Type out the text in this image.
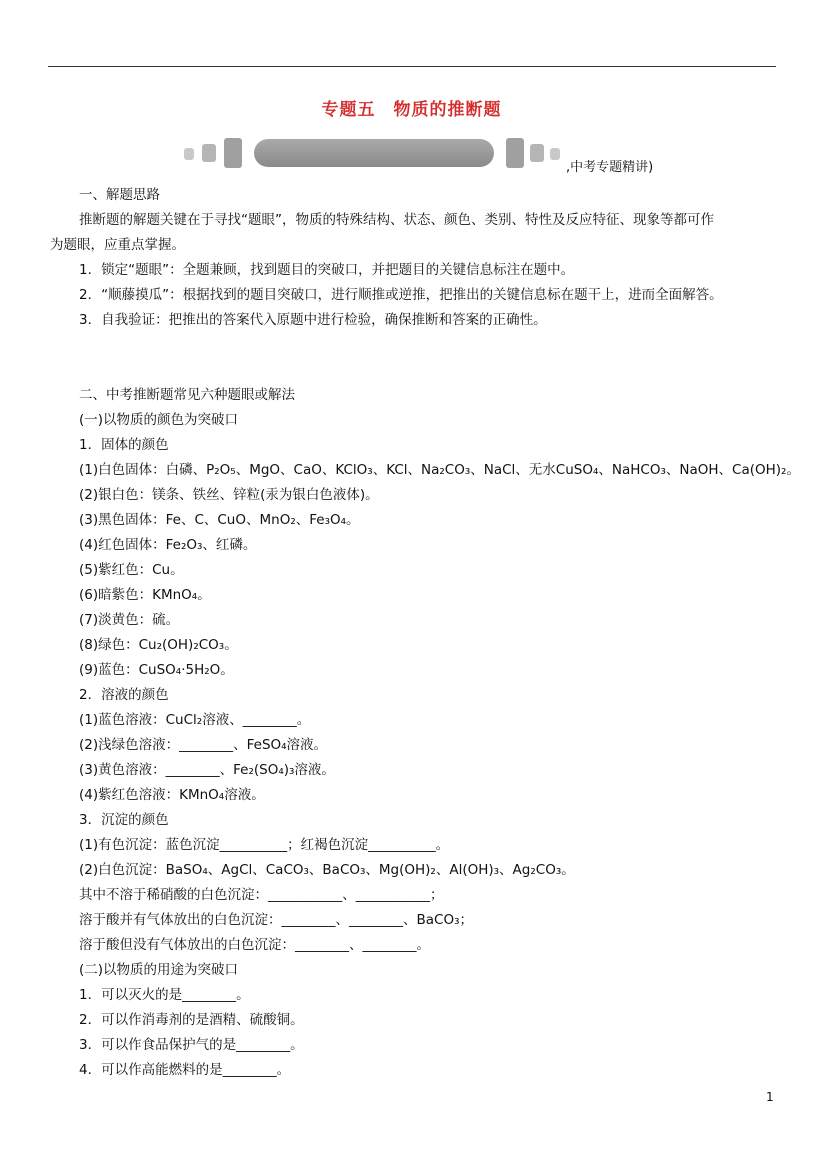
专题五　物质的推断题
,中考专题精讲)
一、解题思路
推断题的解题关键在于寻找“题眼”，物质的特殊结构、状态、颜色、类别、特性及反应特征、现象等都可作
为题眼，应重点掌握。
1．锁定“题眼”：全题兼顾，找到题目的突破口，并把题目的关键信息标注在题中。
2．“顺藤摸瓜”：根据找到的题目突破口，进行顺推或逆推，把推出的关键信息标在题干上，进而全面解答。
3．自我验证：把推出的答案代入原题中进行检验，确保推断和答案的正确性。
二、中考推断题常见六种题眼或解法
(一)以物质的颜色为突破口
1．固体的颜色
(1)白色固体：白磷、P₂O₅、MgO、CaO、KClO₃、KCl、Na₂CO₃、NaCl、无水CuSO₄、NaHCO₃、NaOH、Ca(OH)₂。
(2)银白色：镁条、铁丝、锌粒(汞为银白色液体)。
(3)黑色固体：Fe、C、CuO、MnO₂、Fe₃O₄。
(4)红色固体：Fe₂O₃、红磷。
(5)紫红色：Cu。
(6)暗紫色：KMnO₄。
(7)淡黄色：硫。
(8)绿色：Cu₂(OH)₂CO₃。
(9)蓝色：CuSO₄·5H₂O。
2．溶液的颜色
(1)蓝色溶液：CuCl₂溶液、________。
(2)浅绿色溶液：________、FeSO₄溶液。
(3)黄色溶液：________、Fe₂(SO₄)₃溶液。
(4)紫红色溶液：KMnO₄溶液。
3．沉淀的颜色
(1)有色沉淀：蓝色沉淀__________；红褐色沉淀__________。
(2)白色沉淀：BaSO₄、AgCl、CaCO₃、BaCO₃、Mg(OH)₂、Al(OH)₃、Ag₂CO₃。
其中不溶于稀硝酸的白色沉淀：___________、___________；
溶于酸并有气体放出的白色沉淀：________、________、BaCO₃；
溶于酸但没有气体放出的白色沉淀：________、________。
(二)以物质的用途为突破口
1．可以灭火的是________。
2．可以作消毒剂的是酒精、硫酸铜。
3．可以作食品保护气的是________。
4．可以作高能燃料的是________。
1
